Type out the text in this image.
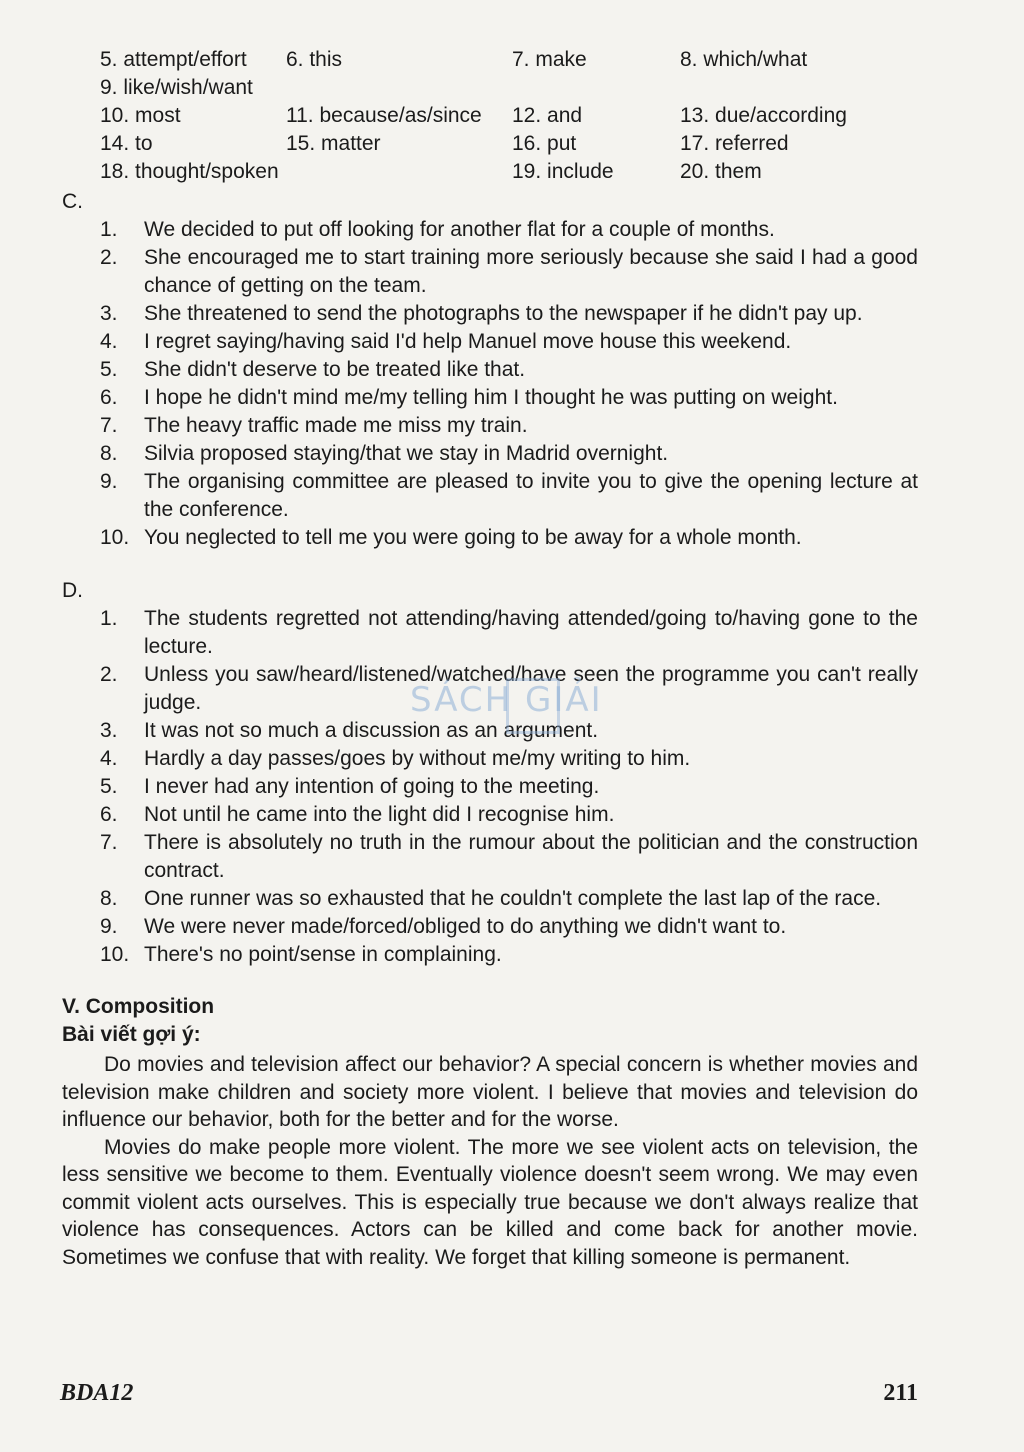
5. attempt/effort 6. this	7. make	8. which/what
9. like/wish/want
10. most	11. because/as/since 12. and	13. due/according
14. to	15. matter	16. put	17. referred
18. thought/spoken	19. include	20. them
C.
1. We decided to put off looking for another flat for a couple of months.
2. She encouraged me to start training more seriously because she said I had a good chance of getting on the team.
3. She threatened to send the photographs to the newspaper if he didn't pay up.
4. I regret saying/having said I'd help Manuel move house this weekend.
5. She didn't deserve to be treated like that.
6. I hope he didn't mind me/my telling him I thought he was putting on weight.
7. The heavy traffic made me miss my train.
8. Silvia proposed staying/that we stay in Madrid overnight.
9. The organising committee are pleased to invite you to give the opening lecture at the conference.
10. You neglected to tell me you were going to be away for a whole month.
D.
1. The students regretted not attending/having attended/going to/having gone to the lecture.
2. Unless you saw/heard/listened/watched/have seen the programme you can't really judge.
3. It was not so much a discussion as an argument.
4. Hardly a day passes/goes by without me/my writing to him.
5. I never had any intention of going to the meeting.
6. Not until he came into the light did I recognise him.
7. There is absolutely no truth in the rumour about the politician and the construction contract.
8. One runner was so exhausted that he couldn't complete the last lap of the race.
9. We were never made/forced/obliged to do anything we didn't want to.
10. There's no point/sense in complaining.
V. Composition
Bài viết gợi ý:

Do movies and television affect our behavior? A special concern is whether movies and television make children and society more violent. I believe that movies and television do influence our behavior, both for the better and for the worse.

Movies do make people more violent. The more we see violent acts on television, the less sensitive we become to them. Eventually violence doesn't seem wrong. We may even commit violent acts ourselves. This is especially true because we don't always realize that violence has consequences. Actors can be killed and come back for another movie. Sometimes we confuse that with reality. We forget that killing someone is permanent.

SÁCH GIẢI
BDA12	211
